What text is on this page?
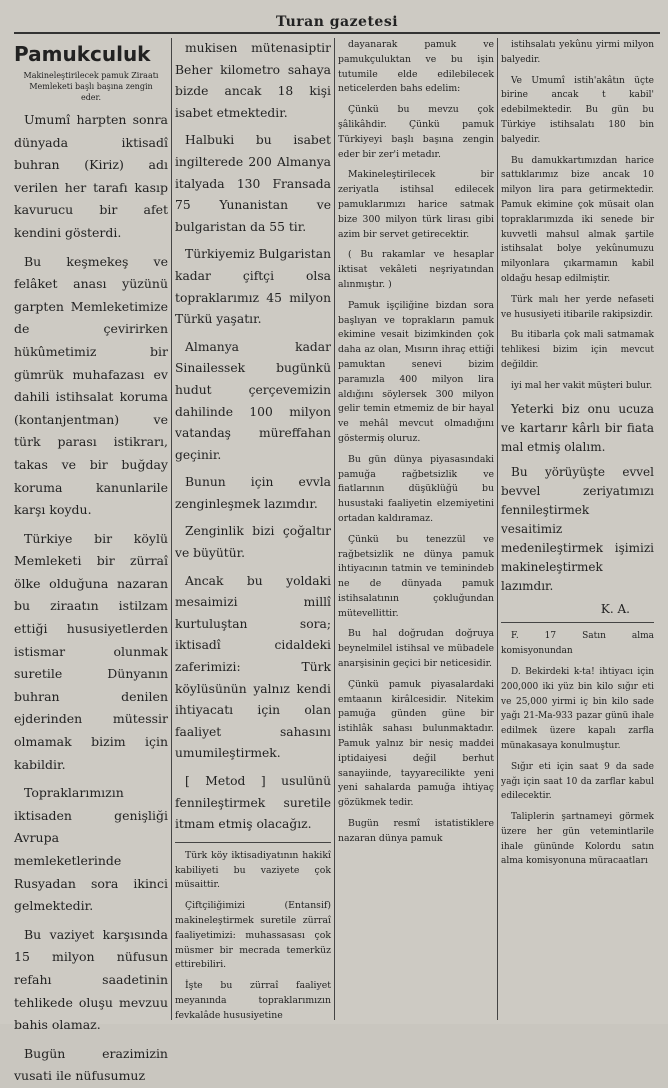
Turan gazetesi
Pamukculuk
Makineleştirilecek pamuk Ziraatı Memleketi başlı başına zengin eder.

Umumî harpten sonra dünyada iktisadî buhran (Kiriz) adı verilen her tarafı kasıp kavurucu bir afet kendini gösterdi.

Bu keşmekeş ve felâket anası yüzünü garpten Memleketimize de çevirirken hükûmetimiz bir gümrük muhafazası ev dahili istihsalat koruma (kontanjentman) ve türk parası istikrarı, takas ve bir buğday koruma kanunlarile karşı koydu.

Türkiye bir köylü Memleketi bir zürraî ölke olduğuna nazaran bu ziraatın istilzam ettiği hususiyetlerden istismar olunmak suretile Dünyanın buhran denilen ejderinden mütessir olmamak bizim için kabildir.

Topraklarımızın iktisaden genişliği Avrupa memleketlerinde Rusyadan sora ikinci gelmektedir.

Bu vaziyet karşısında 15 milyon nüfusun refahı saadetinin tehlikede oluşu mevzuu bahis olamaz.

Bugün erazimizin vusati ile nüfusumuz

mukisen mütenasiptir Beher kilometro sahaya bizde ancak 18 kişi isabet etmektedir.

Halbuki bu isabet ingilterede 200 Almanya italyada 130 Fransada 75 Yunanistan ve bulgaristan da 55 tir.

Türkiyemiz Bulgaristan kadar çiftçi olsa topraklarımız 45 milyon Türkü yaşatır.

Almanya kadar Sinailessek bugünkü hudut çerçevemizin dahilinde 100 milyon vatandaş müreffahan geçinir.

Bunun için evvla zenginleşmek lazımdır.

Zenginlik bizi çoğaltır ve büyütür.

Ancak bu yoldaki mesaimizi millî kurtuluştan sora; iktisadî cidaldeki zaferimizi: Türk köylüsünün yalnız kendi ihtiyacatı için olan faaliyet sahasını umumileştirmek.

[ Metod ] usulünü fennileştirmek suretile itmam etmiş olacağız.

Türk köy iktisadiyatının hakikî kabiliyeti bu vaziyete çok müsaittir.

Çiftçiliğimizi (Entansif) makineleştirmek suretile zürraî faaliyetimizi: muhassasası çok müsmer bir mecrada temerküz ettirebiliri.

İşte bu zürraî faaliyet meyanında topraklarımızın fevkalâde hususiyetine

dayanarak pamuk ve pamukçuluktan ve bu işin tutumile elde edilebilecek neticelerden bahs edelim:

Çünkü bu mevzu çok şâlikâhdir. Çünkü pamuk Türkiyeyi başlı başına zengin eder bir zer'i metadır.

Makineleştirilecek bir zeriyatla istihsal edilecek pamuklarımızı harice satmak bize 300 milyon türk lirası gibi azim bir servet getirecektir.

( Bu rakamlar ve hesaplar iktisat vekâleti neşriyatından alınmıştır. )

Pamuk işçiliğine bizdan sora başlıyan ve toprakların pamuk ekimine vesait bizimkinden çok daha az olan, Mısırın ihraç ettiği pamuktan senevi bizim paramızla 400 milyon lira aldığını söylersek 300 milyon gelir temin etmemiz de bir hayal ve mehâl mevcut olmadığını göstermiş oluruz.

Bu gün dünya piyasasındaki pamuğa rağbetsizlik ve fiatlarının düşüklüğü bu husustaki faaliyetin elzemiyetini ortadan kaldıramaz.

Çünkü bu tenezzül ve rağbetsizlik ne dünya pamuk ihtiyacının tatmin ve teminindeb ne de dünyada pamuk istihsalatının çokluğundan mütevellittir.

Bu hal doğrudan doğruya beynelmilel istihsal ve mübadele anarşisinin geçici bir neticesidir.

Çünkü pamuk piyasalardaki emtaanın kirâlcesidir. Nitekim pamuğa günden güne bir istihlâk sahası bulunmaktadır. Pamuk yalnız bir nesiç maddei iptidaiyesi değil berhut sanayiinde, tayyarecilikte yeni yeni sahalarda pamuğa ihtiyaç gözükmek tedir.

Bugün resmî istatistiklere nazaran dünya pamuk

istihsalatı yekûnu yirmi milyon balyedir.

Ve Umumî istih'akâtın üçte birine ancak t kabil' edebilmektedir. Bu gün bu Türkiye istihsalatı 180 bin balyedir.

Bu damukkartımızdan harice sattıklarımız bize ancak 10 milyon lira para getirmektedir. Pamuk ekimine çok müsait olan topraklarımızda iki senede bir kuvvetli mahsul almak şartile istihsalat bolye yekûnumuzu milyonlara çıkarmamın kabil oldağu hesap edilmiştir.

Türk malı her yerde nefaseti ve hususiyeti itibarile rakipsizdir.

Bu itibarla çok mali satmamak tehlikesi bizim için mevcut değildir.

iyi mal her vakit müşteri bulur.

Yeterki biz onu ucuza ve kartarır kârlı bir fiata mal etmiş olalım.

Bu yörüyüşte evvel bevvel zeriyatımızı fennileştirmek vesaitimiz medenileştirmek işimizi makineleştirmek lazımdır.

K. A.

F. 17 Satın alma komisyonundan

D. Bekirdeki k-ta! ihtiyacı için 200,000 iki yüz bin kilo sığır eti ve 25,000 yirmi iç bin kilo sade yağı 21-Ma-933 pazar günü ihale edilmek üzere kapalı zarfla münakasaya konulmuştur.

Sığır eti için saat 9 da sade yağı için saat 10 da zarflar kabul edilecektir.

Taliplerin şartnameyi görmek üzere her gün vetemintlarile ihale gününde Kolordu satın alma komisyonuna müracaatları
